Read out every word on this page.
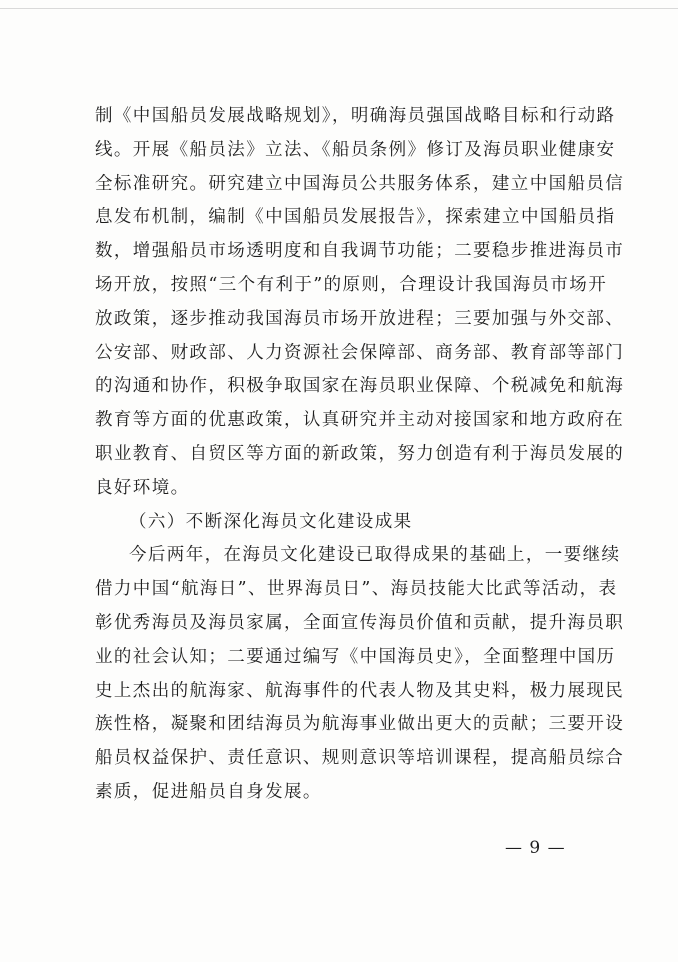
制《中国船员发展战略规划》，明确海员强国战略目标和行动路
线。开展《船员法》立法、《船员条例》修订及海员职业健康安
全标准研究。研究建立中国海员公共服务体系，建立中国船员信
息发布机制，编制《中国船员发展报告》，探索建立中国船员指
数，增强船员市场透明度和自我调节功能；二要稳步推进海员市
场开放，按照“三个有利于”的原则，合理设计我国海员市场开
放政策，逐步推动我国海员市场开放进程；三要加强与外交部、
公安部、财政部、人力资源社会保障部、商务部、教育部等部门
的沟通和协作，积极争取国家在海员职业保障、个税减免和航海
教育等方面的优惠政策，认真研究并主动对接国家和地方政府在
职业教育、自贸区等方面的新政策，努力创造有利于海员发展的
良好环境。
（六）不断深化海员文化建设成果
今后两年，在海员文化建设已取得成果的基础上，一要继续
借力中国“航海日”、世界海员日”、海员技能大比武等活动，表
彰优秀海员及海员家属，全面宣传海员价值和贡献，提升海员职
业的社会认知；二要通过编写《中国海员史》，全面整理中国历
史上杰出的航海家、航海事件的代表人物及其史料，极力展现民
族性格，凝聚和团结海员为航海事业做出更大的贡献；三要开设
船员权益保护、责任意识、规则意识等培训课程，提高船员综合
素质，促进船员自身发展。
— 9 —
